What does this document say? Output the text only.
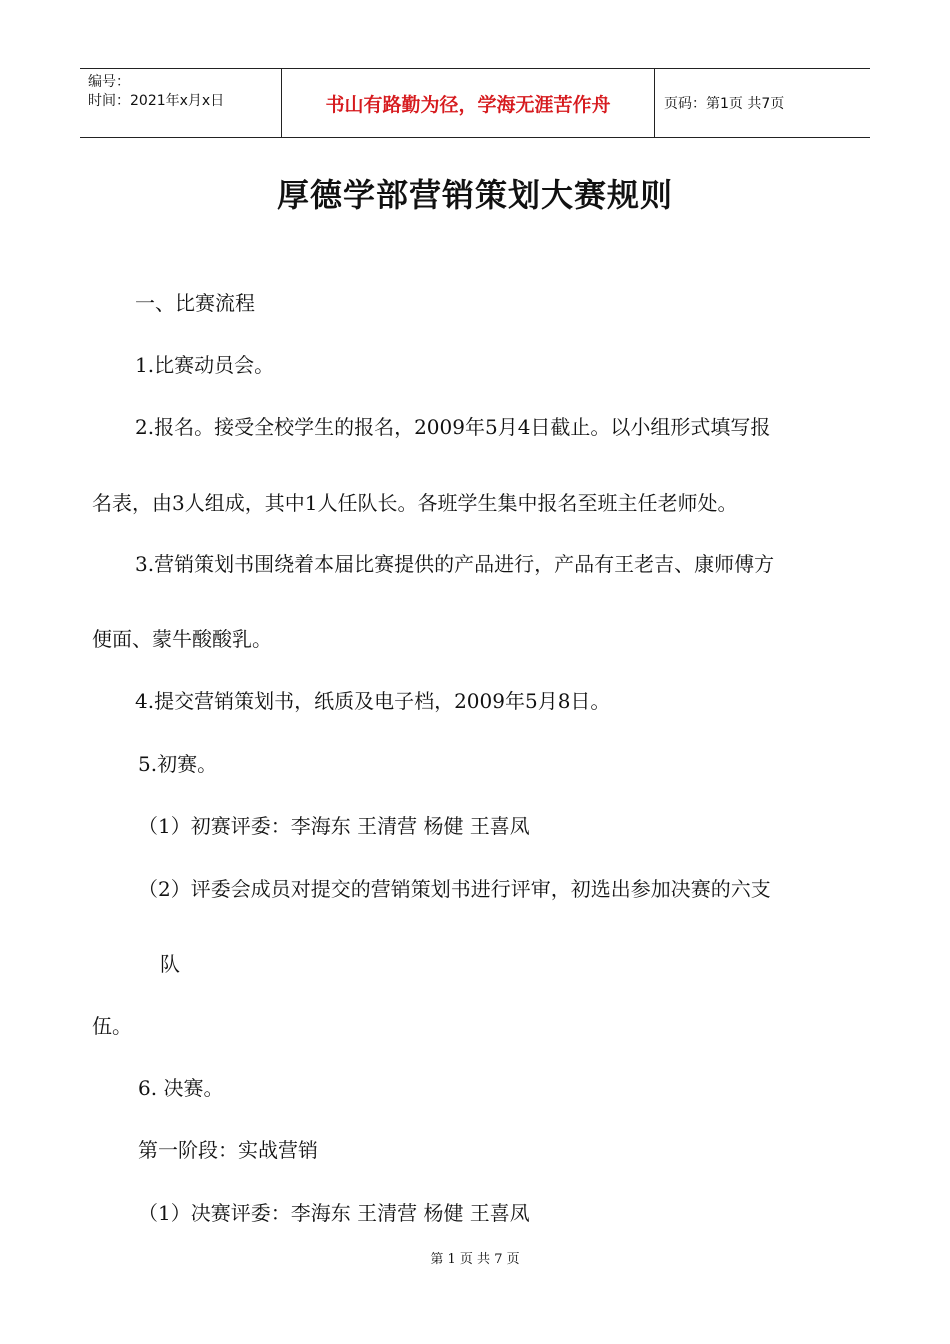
编号：
时间：2021年x月x日	书山有路勤为径，学海无涯苦作舟	页码：第1页 共7页
厚德学部营销策划大赛规则
一、比赛流程
1.比赛动员会。
2.报名。接受全校学生的报名，2009年5月4日截止。以小组形式填写报
名表，由3人组成，其中1人任队长。各班学生集中报名至班主任老师处。
3.营销策划书围绕着本届比赛提供的产品进行，产品有王老吉、康师傅方
便面、蒙牛酸酸乳。
4.提交营销策划书，纸质及电子档，2009年5月8日。
5.初赛。
（1）初赛评委：李海东 王清营 杨健 王喜凤
（2）评委会成员对提交的营销策划书进行评审，初选出参加决赛的六支
队
伍。
6. 决赛。
第一阶段：实战营销
（1）决赛评委：李海东 王清营 杨健 王喜凤
第 1 页 共 7 页
